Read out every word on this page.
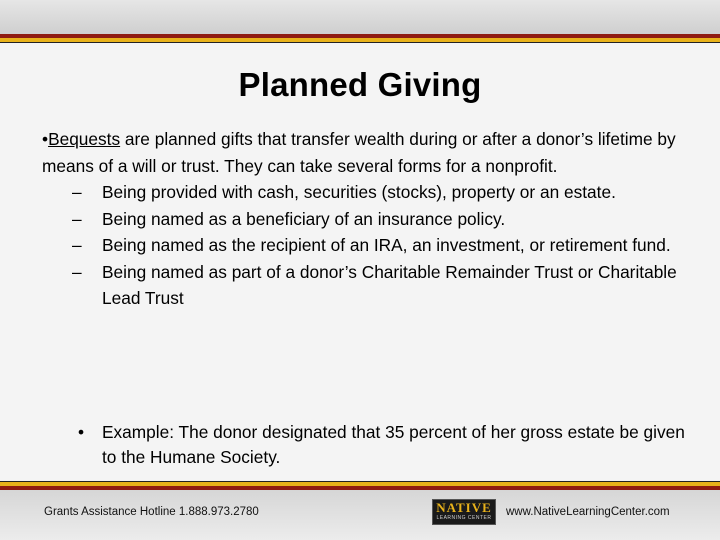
Planned Giving

•Bequests are planned gifts that transfer wealth during or after a donor’s lifetime by means of a will or trust. They can take several forms for a nonprofit.

– Being provided with cash, securities (stocks), property or an estate.
– Being named as a beneficiary of an insurance policy.
– Being named as the recipient of an IRA, an investment, or retirement fund.
– Being named as part of a donor’s Charitable Remainder Trust or Charitable Lead Trust
• Example: The donor designated that 35 percent of her gross estate be given to the Humane Society.
Grants Assistance Hotline 1.888.973.2780	NATIVE
LEARNING CENTER	www.NativeLearningCenter.com
